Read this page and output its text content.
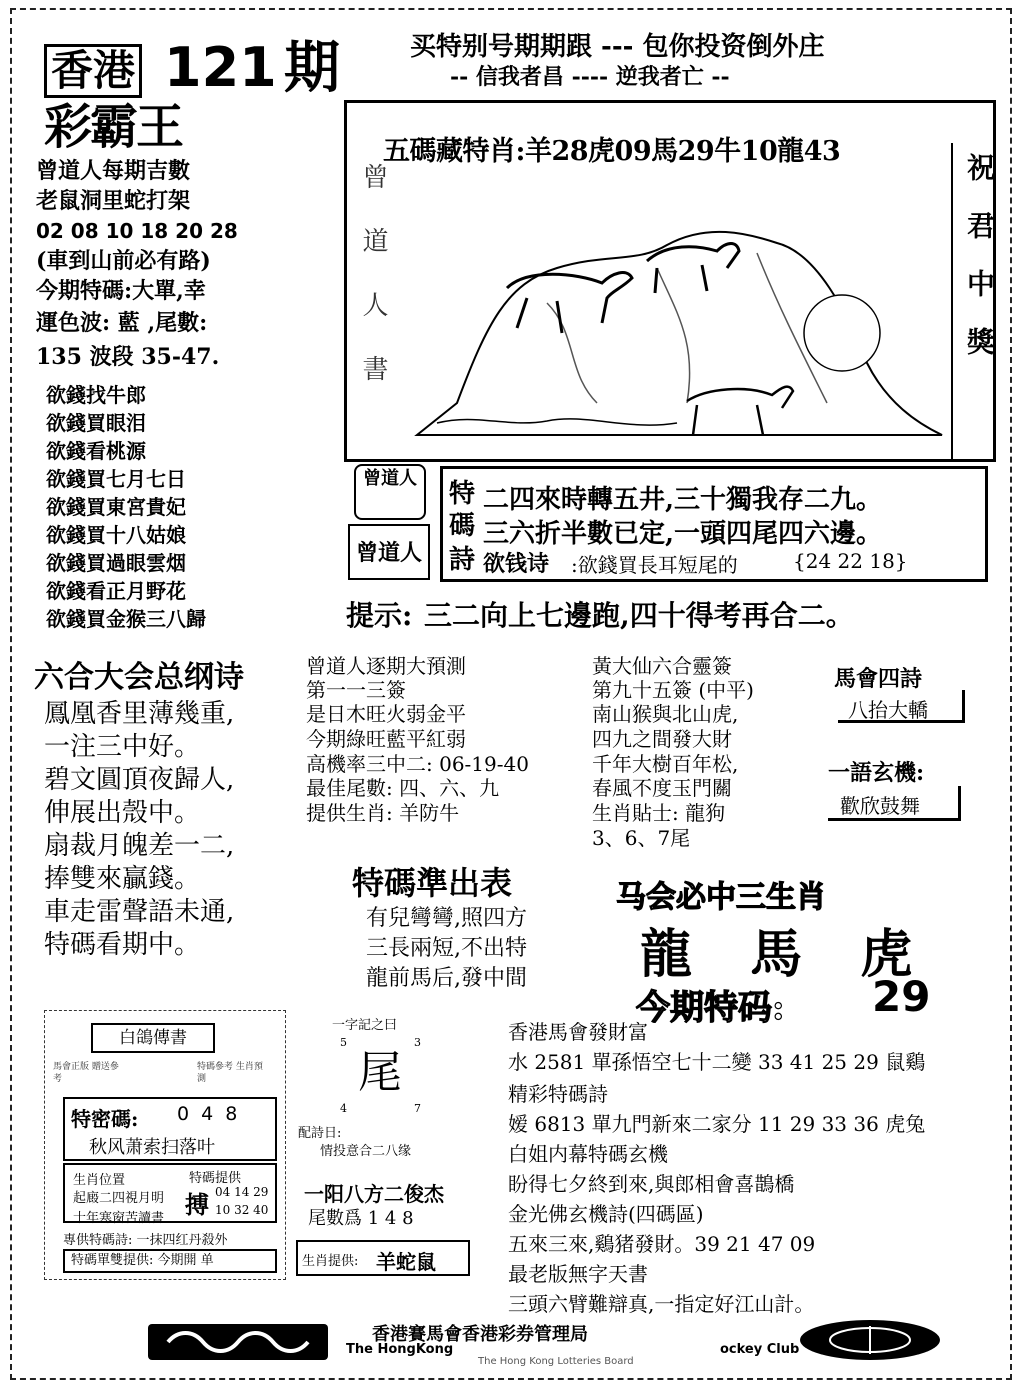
香港 121 期
彩霸王
买特别号期期跟 --- 包你投资倒外庄
-- 信我者昌 ---- 逆我者亡 --
曾道人每期吉數
老鼠洞里蛇打架
02 08 10 18 20 28
(車到山前必有路)
今期特碼:大單,幸
運色波: 藍 ,尾數:
135 波段 35-47.
欲錢找牛郎
欲錢買眼泪
欲錢看桃源
欲錢買七月七日
欲錢買東宮貴妃
欲錢買十八姑娘
欲錢買過眼雲烟
欲錢看正月野花
欲錢買金猴三八歸
五碼藏特肖:羊28虎09馬29牛10龍43
祝君中獎
曾道人書
曾道人
曾道人
特
碼
詩
二四來時轉五井,三十獨我存二九。
三六折半數已定,一頭四尾四六邊。
欲钱诗 :欲錢買長耳短尾的	{24 22 18}
提示: 三二向上七邊跑,四十得考再合二。
六合大会总纲诗
鳳凰香里薄幾重,
一注三中好。
碧文圓頂夜歸人,
伸展出殼中。
扇裁月魄差一二,
捧雙來贏錢。
車走雷聲語未通,
特碼看期中。
曾道人逐期大預測
第一一三簽
是日木旺火弱金平
今期綠旺藍平紅弱
高機率三中二: 06-19-40
最佳尾數: 四、六、九
提供生肖: 羊防牛
黃大仙六合靈簽
第九十五簽 (中平)
南山猴與北山虎,
四九之間發大財
千年大樹百年松,
春風不度玉門關
生肖貼士: 龍狗
3、6、7尾
馬會四詩
八抬大轎
一語玄機:
歡欣鼓舞
特碼準出表
有兒彎彎,照四方
三長兩短,不出特
龍前馬后,發中間
马会必中三生肖
龍 馬 虎
今期特码: 29
白鴿傳書
馬會正版 贈送參考
特碼參考 生肖預測
特密碼: 0 4 8
秋风萧索扫落叶
生肖位置
起廄二四視月明
十年寒窗苦讀書
特碼提供
搏 04 14 29
10 32 40
專供特碼詩: 一抹四红丹殺外
特碼單雙提供: 今期開 单
一字記之曰
5	3
尾
4	7
配詩日:
情投意合二八缘
一阳八方二俊杰
尾數爲 1 4 8
生肖提供: 羊蛇鼠
香港馬會發財富
水 2581 單孫悟空七十二變 33 41 25 29 鼠鷄
精彩特碼詩
嫒 6813 單九門新來二家分 11 29 33 36 虎兔
白姐内幕特碼玄機
盼得七夕終到來,與郎相會喜鵲橋
金光佛玄機詩(四碼區)
五來三來,鷄猪發財。39 21 47 09
最老版無字天書
三頭六臂難辯真,一指定好江山計。
香港賽馬會香港彩券管理局
The HongKong	ockey Club
The Hong Kong Lotteries Board
